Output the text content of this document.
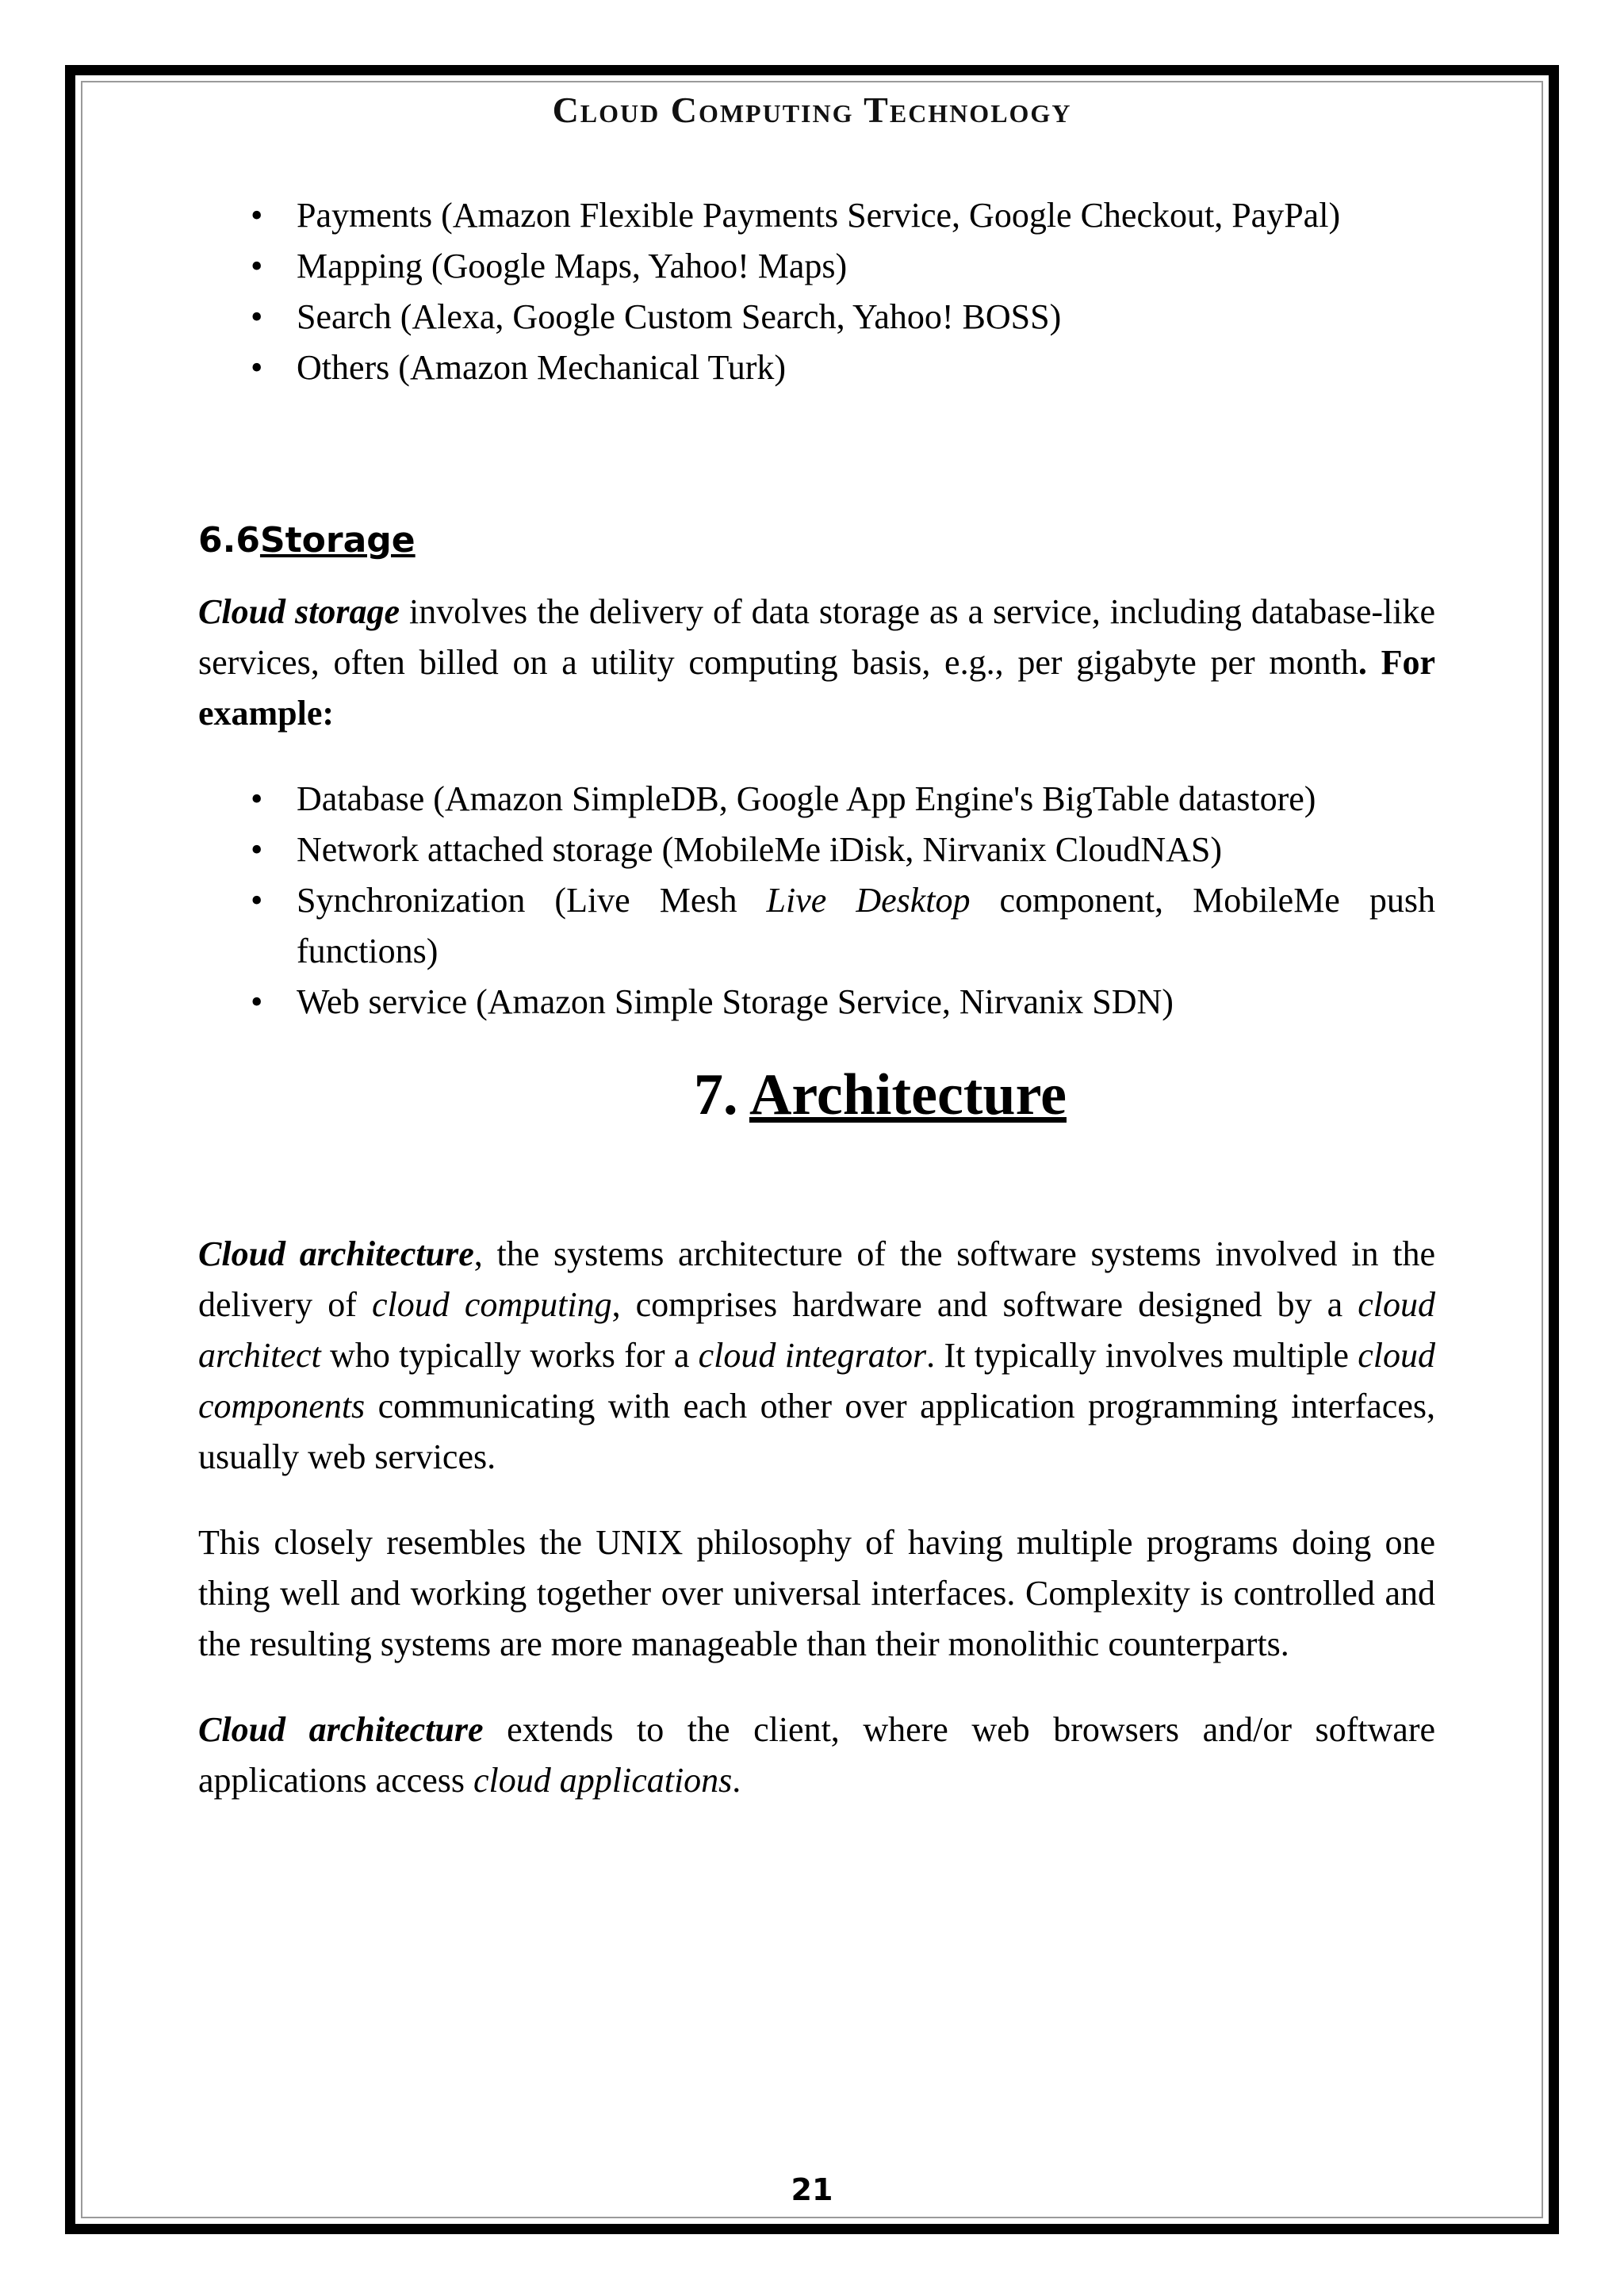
Cloud Computing Technology
• Payments (Amazon Flexible Payments Service, Google Checkout, PayPal)
• Mapping (Google Maps, Yahoo! Maps)
• Search (Alexa, Google Custom Search, Yahoo! BOSS)
• Others (Amazon Mechanical Turk)
6.6Storage

Cloud storage involves the delivery of data storage as a service, including database-like services, often billed on a utility computing basis, e.g., per gigabyte per month. For example:

• Database (Amazon SimpleDB, Google App Engine's BigTable datastore)
• Network attached storage (MobileMe iDisk, Nirvanix CloudNAS)
• Synchronization (Live Mesh Live Desktop component, MobileMe push functions)
• Web service (Amazon Simple Storage Service, Nirvanix SDN)
7. Architecture

Cloud architecture, the systems architecture of the software systems involved in the delivery of cloud computing, comprises hardware and software designed by a cloud architect who typically works for a cloud integrator. It typically involves multiple cloud components communicating with each other over application programming interfaces, usually web services.

This closely resembles the UNIX philosophy of having multiple programs doing one thing well and working together over universal interfaces. Complexity is controlled and the resulting systems are more manageable than their monolithic counterparts.

Cloud architecture extends to the client, where web browsers and/or software applications access cloud applications.

21
